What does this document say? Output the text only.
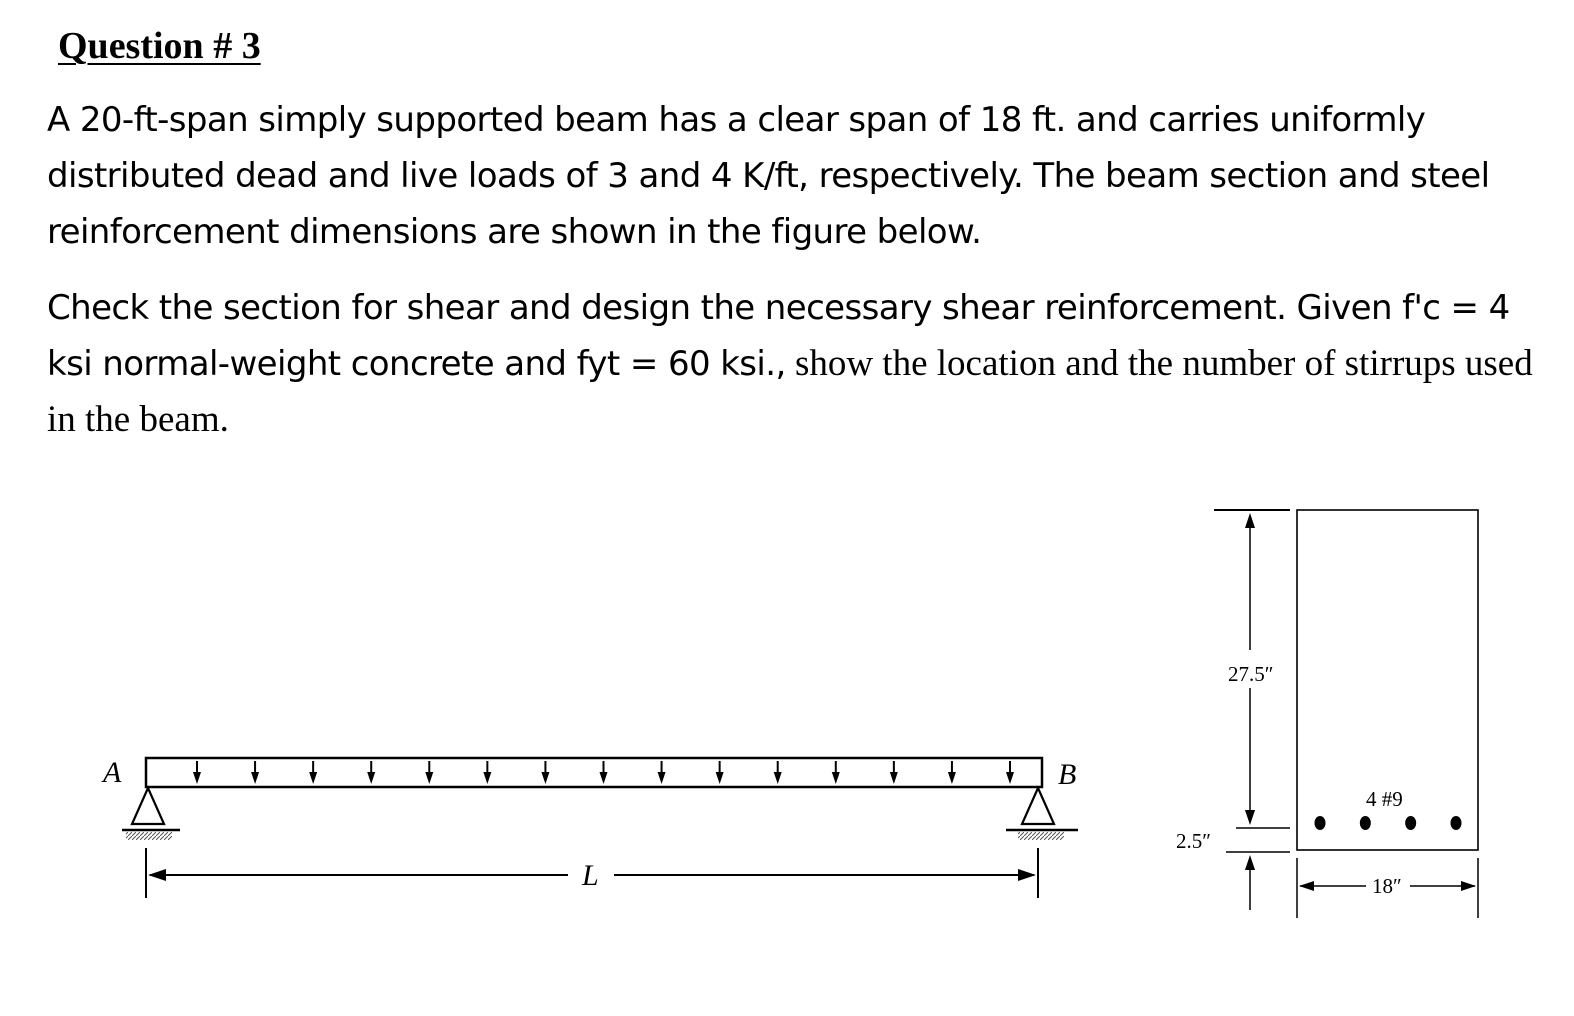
Question # 3

A 20-ft-span simply supported beam has a clear span of 18 ft. and carries uniformly distributed dead and live loads of 3 and 4 K/ft, respectively. The beam section and steel reinforcement dimensions are shown in the figure below.

Check the section for shear and design the necessary shear reinforcement. Given f'c = 4 ksi normal-weight concrete and fyt = 60 ksi., show the location and the number of stirrups used in the beam.

A	B
L
27.5″
2.5″
4 #9
18″
